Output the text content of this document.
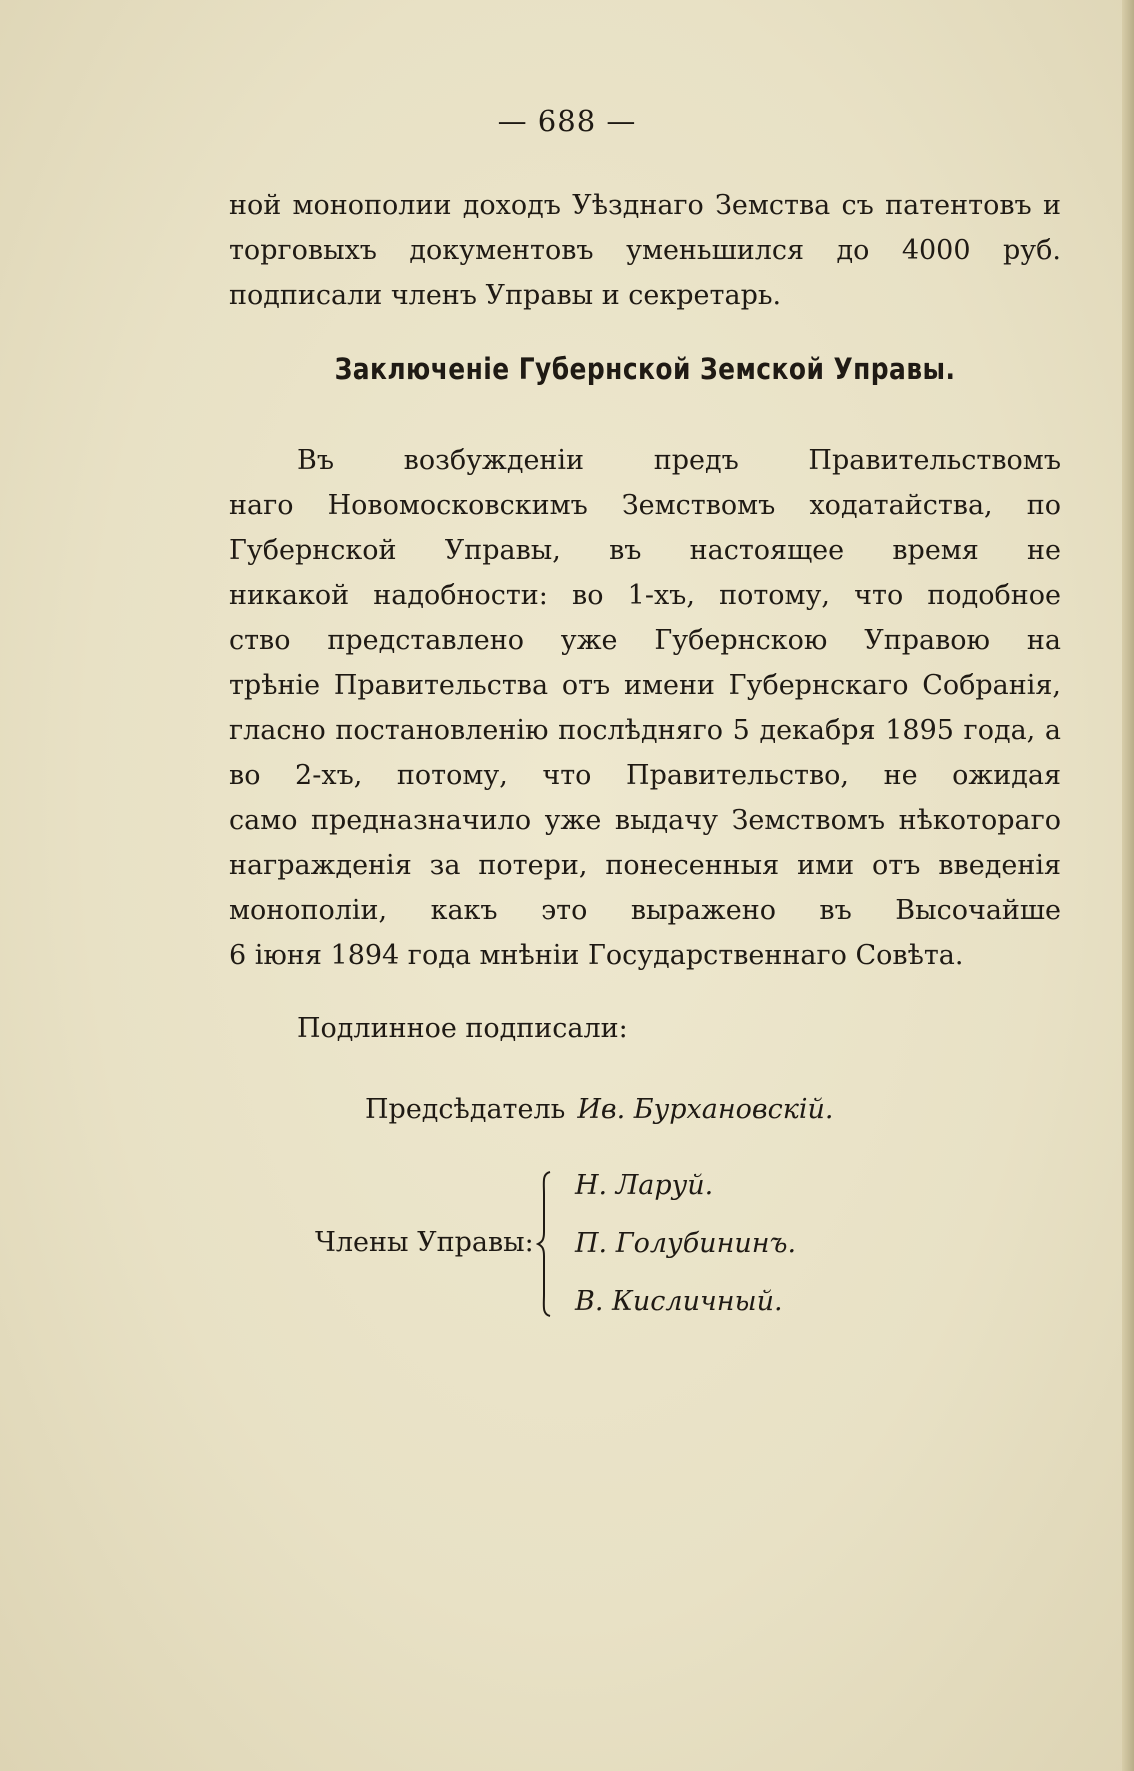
— 688 —
ной монополии доходъ Уѣзднаго Земства съ патентовъ и
торговыхъ документовъ уменьшился до 4000 руб.
подписали членъ Управы и секретарь.
Заключеніе Губернской Земской Управы.
Въ возбужденіи предъ Правительствомъ
наго Новомосковскимъ Земствомъ ходатайства, по
Губернской Управы, въ настоящее время не
никакой надобности: во 1-хъ, потому, что подобное
ство представлено уже Губернскою Управою на
трѣніе Правительства отъ имени Губернскаго Собранія,
гласно постановленію послѣдняго 5 декабря 1895 года, а
во 2-хъ, потому, что Правительство, не ожидая
само предназначило уже выдачу Земствомъ нѣкотораго
награжденія за потери, понесенныя ими отъ введенія
монополіи, какъ это выражено въ Высочайше
6 іюня 1894 года мнѣніи Государственнаго Совѣта.
Подлинное подписали:
Предсѣдатель Ив. Бурхановскій.
Члены Управы:
Н. Ларуй.
П. Голубининъ.
В. Кисличный.
